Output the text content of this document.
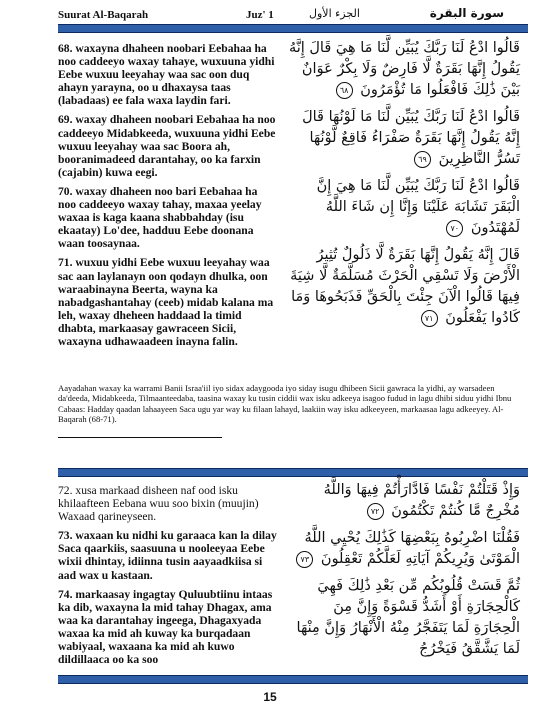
Suurat Al-Baqarah	Juz' 1	الجزء الأول	سورة البقرة

68. waxayna dhaheen noobari Eebahaa ha noo caddeeyo waxay tahaye, wuxuuna yidhi Eebe wuxuu leeyahay waa sac oon duq ahayn yarayna, oo u dhaxaysa taas (labadaas) ee fala waxa laydin fari.

69. waxay dhaheen noobari Eebahaa ha noo caddeeyo Midabkeeda, wuxuuna yidhi Eebe wuxuu leeyahay waa sac Boora ah, booranimadeed darantahay, oo ka farxin (cajabin) kuwa eegi.

70. waxay dhaheen noo bari Eebahaa ha noo caddeeyo waxay tahay, maxaa yeelay waxaa is kaga kaana shabbahday (isu ekaatay) Lo'dee, hadduu Eebe doonana waan toosaynaa.

71. wuxuu yidhi Eebe wuxuu leeyahay waa sac aan laylanayn oon qodayn dhulka, oon waraabinayna Beerta, wayna ka nabadgashantahay (ceeb) midab kalana ma leh, waxay dheheen haddaad la timid dhabta, markaasay gawraceen Sicii, waxayna udhawaadeen inayna falin.

قَالُوا ادْعُ لَنَا رَبَّكَ يُبَيِّن لَّنَا مَا هِيَ قَالَ إِنَّهُ يَقُولُ إِنَّهَا بَقَرَةٌ لَّا فَارِضٌ وَلَا بِكْرٌ عَوَانٌ بَيْنَ ذَٰلِكَ فَافْعَلُوا مَا تُؤْمَرُونَ ٦٨
قَالُوا ادْعُ لَنَا رَبَّكَ يُبَيِّن لَّنَا مَا لَوْنُهَا قَالَ إِنَّهُ يَقُولُ إِنَّهَا بَقَرَةٌ صَفْرَاءُ فَاقِعٌ لَّوْنُهَا تَسُرُّ النَّاظِرِينَ ٦٩
قَالُوا ادْعُ لَنَا رَبَّكَ يُبَيِّن لَّنَا مَا هِيَ إِنَّ الْبَقَرَ تَشَابَهَ عَلَيْنَا وَإِنَّا إِن شَاءَ اللَّهُ لَمُهْتَدُونَ ٧٠
قَالَ إِنَّهُ يَقُولُ إِنَّهَا بَقَرَةٌ لَّا ذَلُولٌ تُثِيرُ الْأَرْضَ وَلَا تَسْقِي الْحَرْثَ مُسَلَّمَةٌ لَّا شِيَةَ فِيهَا قَالُوا الْآنَ جِئْتَ بِالْحَقِّ فَذَبَحُوهَا وَمَا كَادُوا يَفْعَلُونَ ٧١
Aayadahan waxay ka warrami Banii Israa'iil iyo sidax adaygooda iyo siday isugu dhibeen Sicii gawraca la yidhi, ay warsadeen da'deeda, Midabkeeda, Tilmaanteedaba, taasina waxay ku tusin ciddii wax isku adkeeya isagoo fudud in lagu dhibi siduu yidhi Ibnu Cabaas: Hadday qaadan lahaayeen Saca ugu yar way ku filaan lahayd, laakiin way isku adkeeyeen, markaasaa lagu adkeeyey. Al-Baqarah (68-71).

72. xusa markaad disheen naf ood isku khilaafteen Eebana wuu soo bixin (muujin) Waxaad qarineyseen.

73. waxaan ku nidhi ku garaaca kan la dilay Saca qaarkiis, saasuuna u nooleeyaa Eebe wixii dhintay, idiinna tusin aayaadkiisa si aad wax u kastaan.

74. markaasay ingagtay Quluubtiinu intaas ka dib, waxayna la mid tahay Dhagax, ama waa ka darantahay ingeega, Dhagaxyada waxaa ka mid ah kuway ka burqadaan wabiyaal, waxaana ka mid ah kuwo dildillaaca oo ka soo

وَإِذْ قَتَلْتُمْ نَفْسًا فَادَّارَأْتُمْ فِيهَا وَاللَّهُ مُخْرِجٌ مَّا كُنتُمْ تَكْتُمُونَ ٧٢
فَقُلْنَا اضْرِبُوهُ بِبَعْضِهَا كَذَٰلِكَ يُحْيِي اللَّهُ الْمَوْتَىٰ وَيُرِيكُمْ آيَاتِهِ لَعَلَّكُمْ تَعْقِلُونَ ٧٣
ثُمَّ قَسَتْ قُلُوبُكُم مِّن بَعْدِ ذَٰلِكَ فَهِيَ كَالْحِجَارَةِ أَوْ أَشَدُّ قَسْوَةً وَإِنَّ مِنَ الْحِجَارَةِ لَمَا يَتَفَجَّرُ مِنْهُ الْأَنْهَارُ وَإِنَّ مِنْهَا لَمَا يَشَّقَّقُ فَيَخْرُجُ
15
